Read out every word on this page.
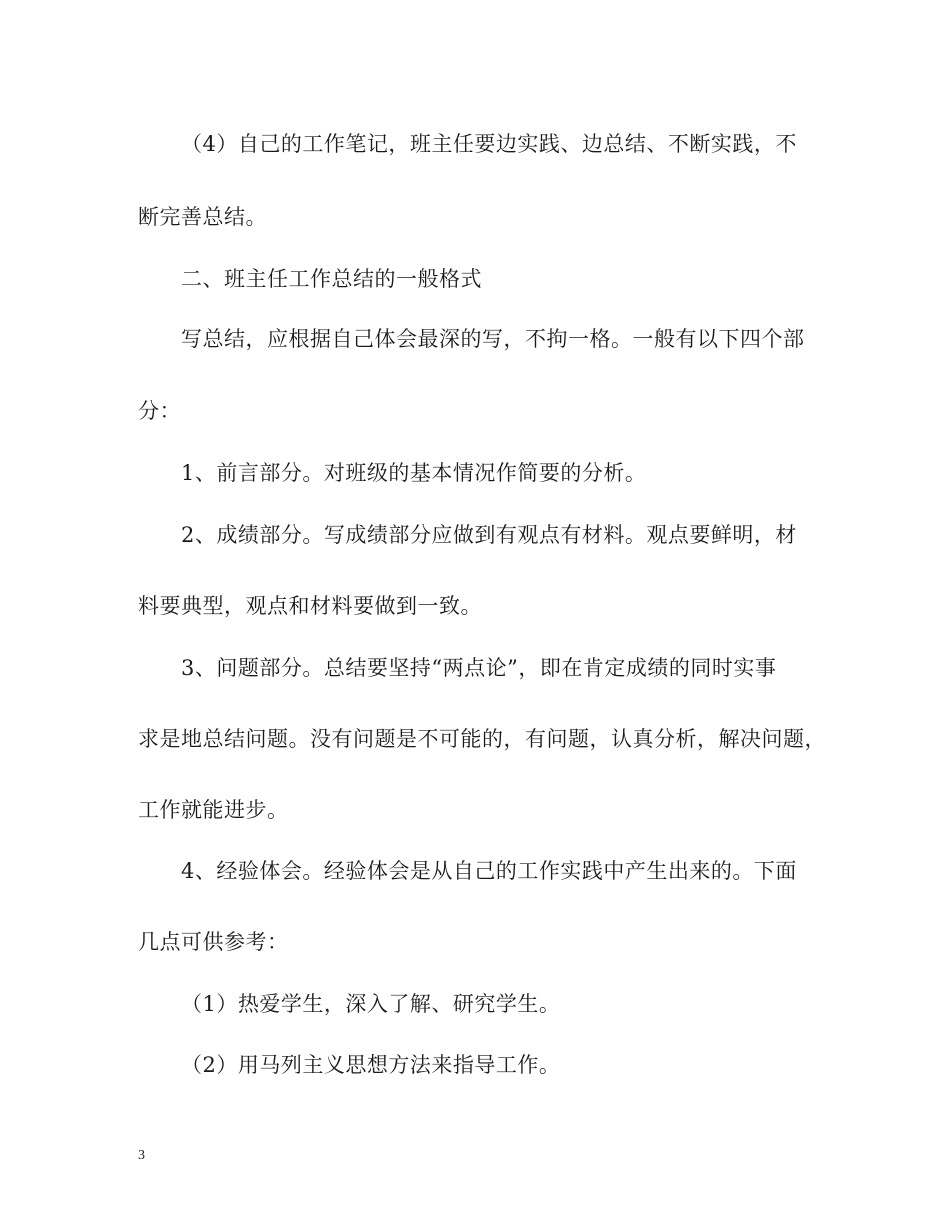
（4）自己的工作笔记，班主任要边实践、边总结、不断实践，不
断完善总结。
二、班主任工作总结的一般格式
写总结，应根据自己体会最深的写，不拘一格。一般有以下四个部
分：
1、前言部分。对班级的基本情况作简要的分析。
2、成绩部分。写成绩部分应做到有观点有材料。观点要鲜明，材
料要典型，观点和材料要做到一致。
3、问题部分。总结要坚持“两点论”，即在肯定成绩的同时实事
求是地总结问题。没有问题是不可能的，有问题，认真分析，解决问题，
工作就能进步。
4、经验体会。经验体会是从自己的工作实践中产生出来的。下面
几点可供参考：
（1）热爱学生，深入了解、研究学生。
（2）用马列主义思想方法来指导工作。
3
